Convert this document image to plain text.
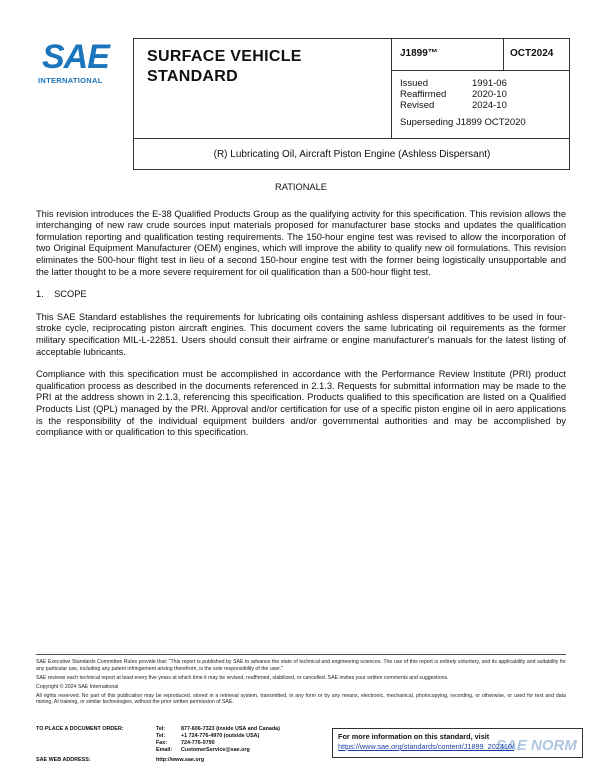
SAE
INTERNATIONAL
SURFACE VEHICLE
STANDARD
J1899™	OCT2024
Issued	1991-06
Reaffirmed	2020-10
Revised	2024-10
Superseding J1899 OCT2020
(R) Lubricating Oil, Aircraft Piston Engine (Ashless Dispersant)
RATIONALE

This revision introduces the E-38 Qualified Products Group as the qualifying activity for this specification. This revision allows the interchanging of new raw crude sources input materials proposed for manufacturer base stocks and updates the qualification formulation reporting and qualification testing requirements. The 150-hour engine test was revised to allow the incorporation of two Original Equipment Manufacturer (OEM) engines, which will improve the ability to qualify new oil formulations. This revision eliminates the 500-hour flight test in lieu of a second 150-hour engine test with the former being logistically unsupportable and the latter thought to be a more severe requirement for oil qualification than a 500-hour flight test.

1.    SCOPE

This SAE Standard establishes the requirements for lubricating oils containing ashless dispersant additives to be used in four-stroke cycle, reciprocating piston aircraft engines. This document covers the same lubricating oil requirements as the former military specification MIL-L-22851. Users should consult their airframe or engine manufacturer's manuals for the latest listing of acceptable lubricants.

Compliance with this specification must be accomplished in accordance with the Performance Review Institute (PRI) product qualification process as described in the documents referenced in 2.1.3. Requests for submittal information may be made to the PRI at the address shown in 2.1.3, referencing this specification. Products qualified to this specification are listed on a Qualified Products List (QPL) managed by the PRI. Approval and/or certification for use of a specific piston engine oil in aero applications is the responsibility of the individual equipment builders and/or governmental authorities and may be accomplished by compliance with or qualification to this specification.

SAE Executive Standards Committee Rules provide that: “This report is published by SAE to advance the state of technical and engineering sciences. The use of this report is entirely voluntary, and its applicability and suitability for any particular use, including any patent infringement arising therefrom, is the sole responsibility of the user.”

SAE reviews each technical report at least every five years at which time it may be revised, reaffirmed, stabilized, or cancelled. SAE invites your written comments and suggestions.

Copyright © 2024 SAE International

All rights reserved. No part of this publication may be reproduced, stored in a retrieval system, transmitted, in any form or by any means, electronic, mechanical, photocopying, recording, or otherwise, or used for text and data mining, AI training, or similar technologies, without the prior written permission of SAE.

TO PLACE A DOCUMENT ORDER:	Tel:	877-606-7323 (inside USA and Canada)
Tel:	+1 724-776-4970 (outside USA)
Fax:	724-776-0790
Email:	CustomerService@sae.org
SAE WEB ADDRESS:	http://www.sae.org
For more information on this standard, visit
https://www.sae.org/standards/content/J1899_202410/
SAE NORM
